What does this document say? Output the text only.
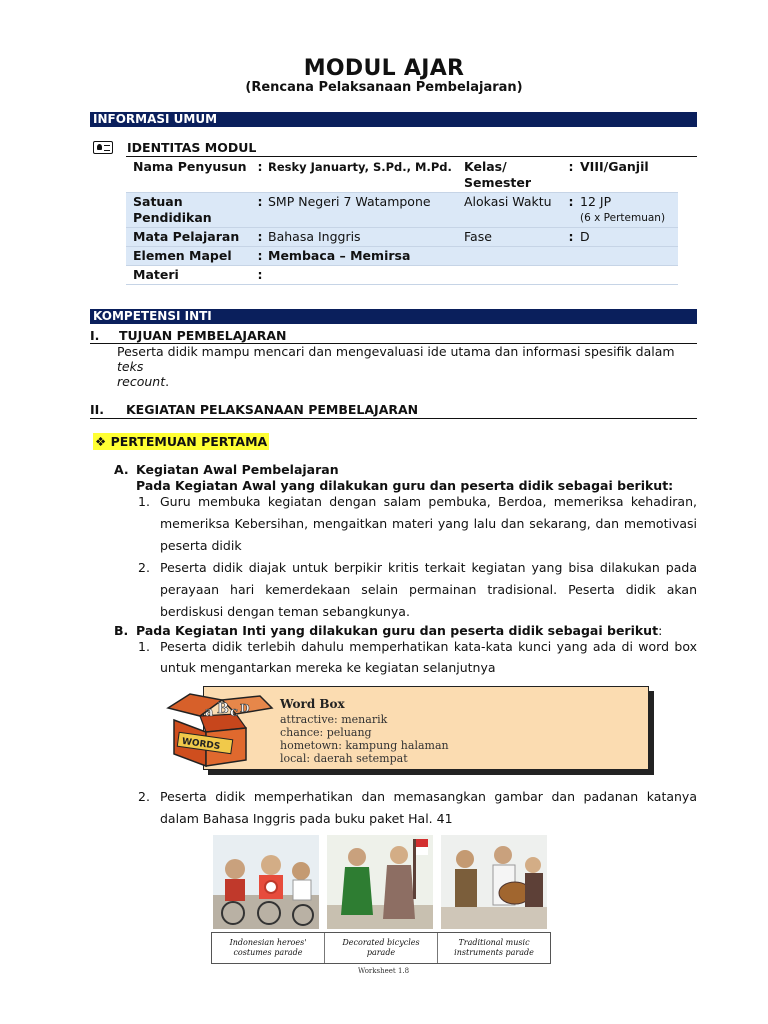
MODUL AJAR
(Rencana Pelaksanaan Pembelajaran)
INFORMASI UMUM
IDENTITAS MODUL
Nama Penyusun	:	Resky Januarty, S.Pd., M.Pd.	Kelas/ Semester	:	VIII/Ganjil
Satuan Pendidikan	:	SMP Negeri 7 Watampone	Alokasi Waktu	:	12 JP
(6 x Pertemuan)

Mata Pelajaran	:	Bahasa Inggris	Fase	:	D
Elemen Mapel	:	Membaca – Memirsa			
Materi	:				
KOMPETENSI INTI
I. TUJUAN PEMBELAJARAN
Peserta didik mampu mencari dan mengevaluasi ide utama dan informasi spesifik dalam teks
recount.
II. KEGIATAN PELAKSANAAN PEMBELAJARAN
❖ PERTEMUAN PERTAMA
A. Kegiatan Awal Pembelajaran
Pada Kegiatan Awal yang dilakukan guru dan peserta didik sebagai berikut:
1. Guru membuka kegiatan dengan salam pembuka, Berdoa, memeriksa kehadiran, memeriksa Kebersihan, mengaitkan materi yang lalu dan sekarang, dan memotivasi peserta didik
2. Peserta didik diajak untuk berpikir kritis terkait kegiatan yang bisa dilakukan pada perayaan hari kemerdekaan selain permainan tradisional. Peserta didik akan berdiskusi dengan teman sebangkunya.
B. Pada Kegiatan Inti yang dilakukan guru dan peserta didik sebagai berikut:
1. Peserta didik terlebih dahulu memperhatikan kata-kata kunci yang ada di word box untuk mengantarkan mereka ke kegiatan selanjutnya
Word Box
attractive: menarik
chance: peluang
hometown: kampung halaman
local: daerah setempat
a B c D
WORDS
2. Peserta didik memperhatikan dan memasangkan gambar dan padanan katanya dalam Bahasa Inggris pada buku paket Hal. 41
Indonesian heroes' costumes parade
Decorated bicycles parade
Traditional music instruments parade
Worksheet 1.8
